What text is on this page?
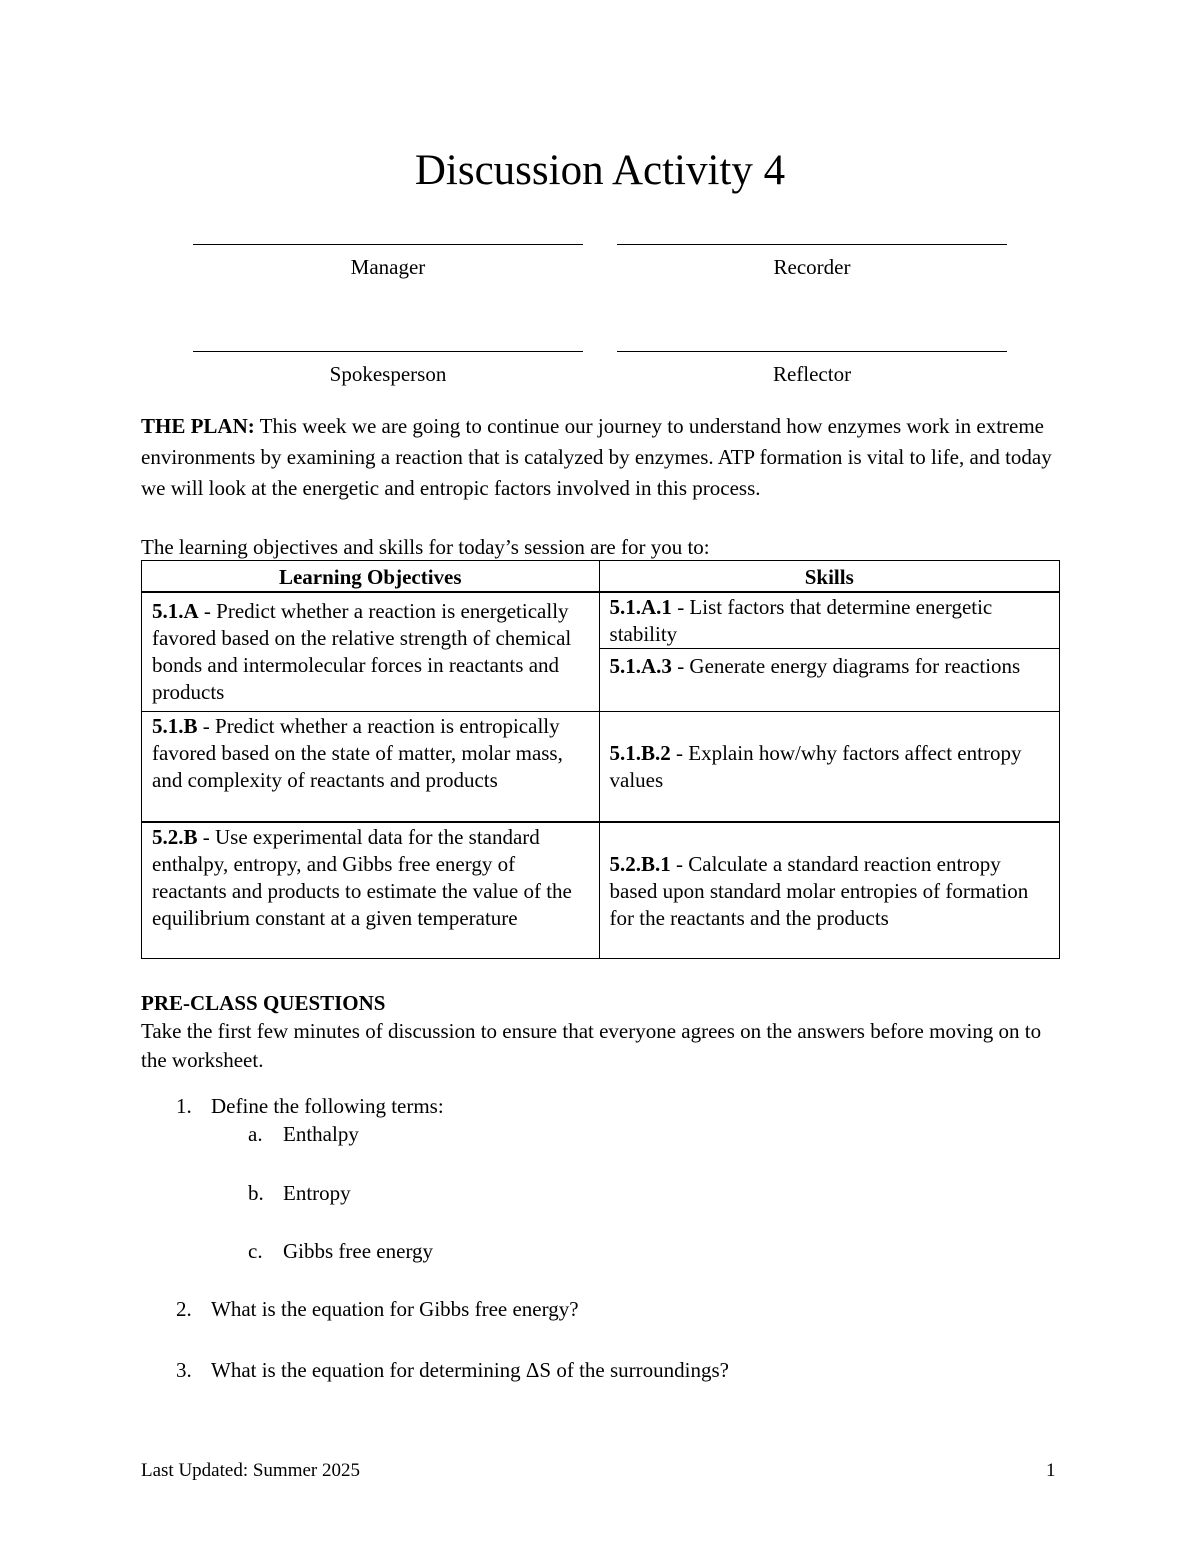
Discussion Activity 4
Manager	Recorder
Spokesperson	Reflector
THE PLAN: This week we are going to continue our journey to understand how enzymes work in extreme environments by examining a reaction that is catalyzed by enzymes. ATP formation is vital to life, and today we will look at the energetic and entropic factors involved in this process.
The learning objectives and skills for today’s session are for you to:
Learning Objectives	Skills
5.1.A - Predict whether a reaction is energetically favored based on the relative strength of chemical bonds and intermolecular forces in reactants and products	5.1.A.1 - List factors that determine energetic stability
	5.1.A.3 - Generate energy diagrams for reactions
5.1.B - Predict whether a reaction is entropically favored based on the state of matter, molar mass, and complexity of reactants and products	5.1.B.2 - Explain how/why factors affect entropy values
5.2.B - Use experimental data for the standard enthalpy, entropy, and Gibbs free energy of reactants and products to estimate the value of the equilibrium constant at a given temperature	5.2.B.1 - Calculate a standard reaction entropy based upon standard molar entropies of formation for the reactants and the products
PRE-CLASS QUESTIONS
Take the first few minutes of discussion to ensure that everyone agrees on the answers before moving on to the worksheet.
1. Define the following terms:
a. Enthalpy
b. Entropy
c. Gibbs free energy
2. What is the equation for Gibbs free energy?
3. What is the equation for determining ΔS of the surroundings?
Last Updated: Summer 2025	1
